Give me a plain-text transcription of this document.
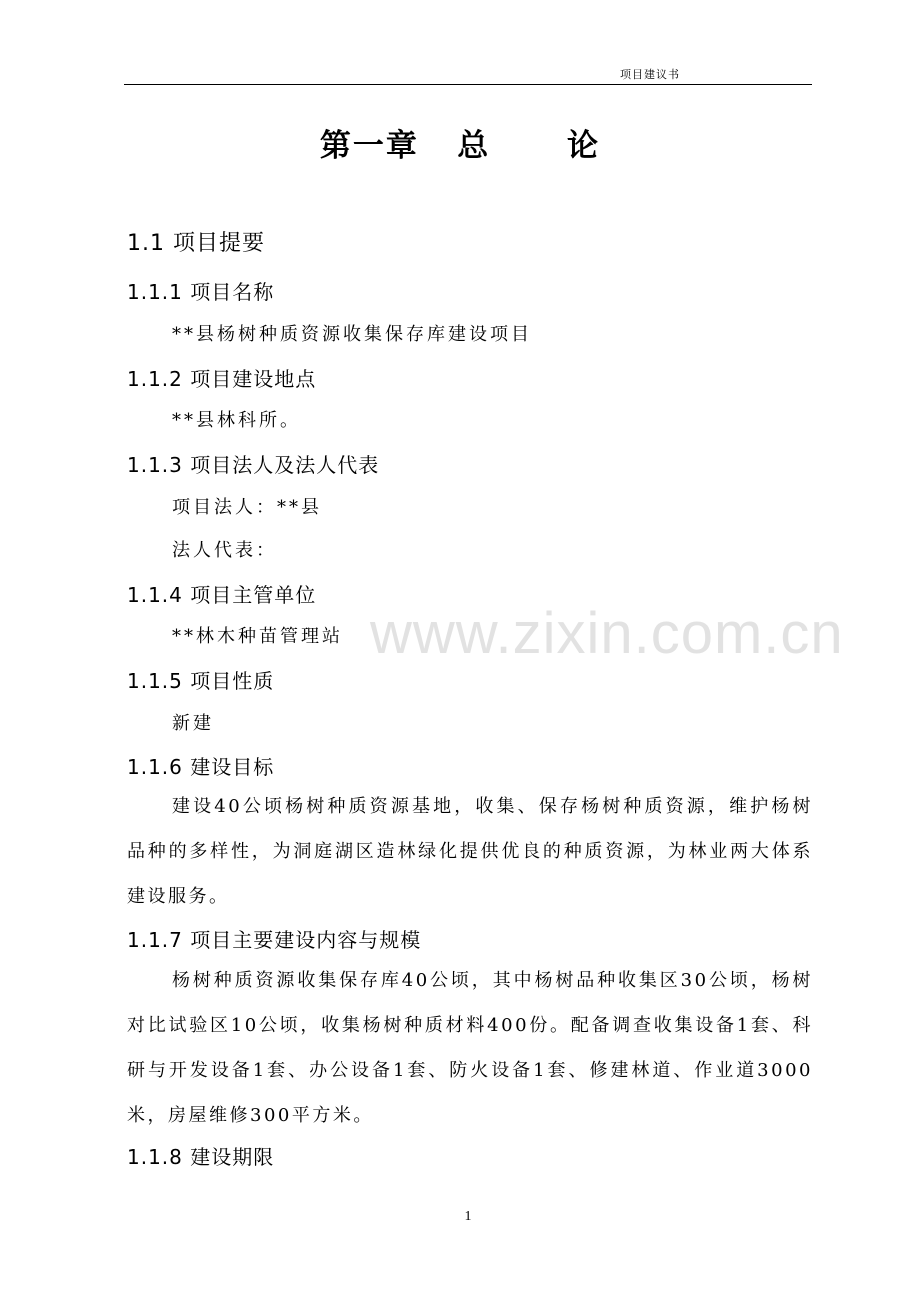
项目建议书
第一章   总      论
1.1 项目提要
1.1.1 项目名称
**县杨树种质资源收集保存库建设项目
1.1.2 项目建设地点
**县林科所。
1.1.3 项目法人及法人代表
项目法人：**县
法人代表：
1.1.4 项目主管单位
**林木种苗管理站
1.1.5 项目性质
新建
1.1.6 建设目标
建设40公顷杨树种质资源基地，收集、保存杨树种质资源，维护杨树品种的多样性，为洞庭湖区造林绿化提供优良的种质资源，为林业两大体系建设服务。
1.1.7 项目主要建设内容与规模
杨树种质资源收集保存库40公顷，其中杨树品种收集区30公顷，杨树对比试验区10公顷，收集杨树种质材料400份。配备调查收集设备1套、科研与开发设备1套、办公设备1套、防火设备1套、修建林道、作业道3000米，房屋维修300平方米。
1.1.8 建设期限
www.zixin.com.cn
1
